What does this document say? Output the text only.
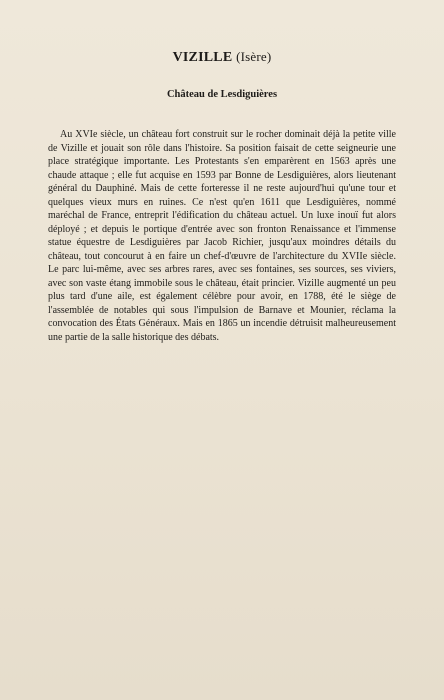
VIZILLE (Isère)
Château de Lesdiguières

Au XVIe siècle, un château fort construit sur le rocher dominait déjà la petite ville de Vizille et jouait son rôle dans l'histoire. Sa position faisait de cette seigneurie une place stratégique importante. Les Protestants s'en emparèrent en 1563 après une chaude attaque ; elle fut acquise en 1593 par Bonne de Lesdiguières, alors lieutenant général du Dauphiné. Mais de cette forteresse il ne reste aujourd'hui qu'une tour et quelques vieux murs en ruines. Ce n'est qu'en 1611 que Lesdiguières, nommé maréchal de France, entreprit l'édification du château actuel. Un luxe inouï fut alors déployé ; et depuis le portique d'entrée avec son fronton Renaissance et l'immense statue équestre de Lesdiguières par Jacob Richier, jusqu'aux moindres détails du château, tout concourut à en faire un chef-d'œuvre de l'architecture du XVIIe siècle. Le parc lui-même, avec ses arbres rares, avec ses fontaines, ses sources, ses viviers, avec son vaste étang immobile sous le château, était princier. Vizille augmenté un peu plus tard d'une aile, est également célèbre pour avoir, en 1788, été le siège de l'assemblée de notables qui sous l'impulsion de Barnave et Mounier, réclama la convocation des États Généraux. Mais en 1865 un incendie détruisit malheureusement une partie de la salle historique des débats.
